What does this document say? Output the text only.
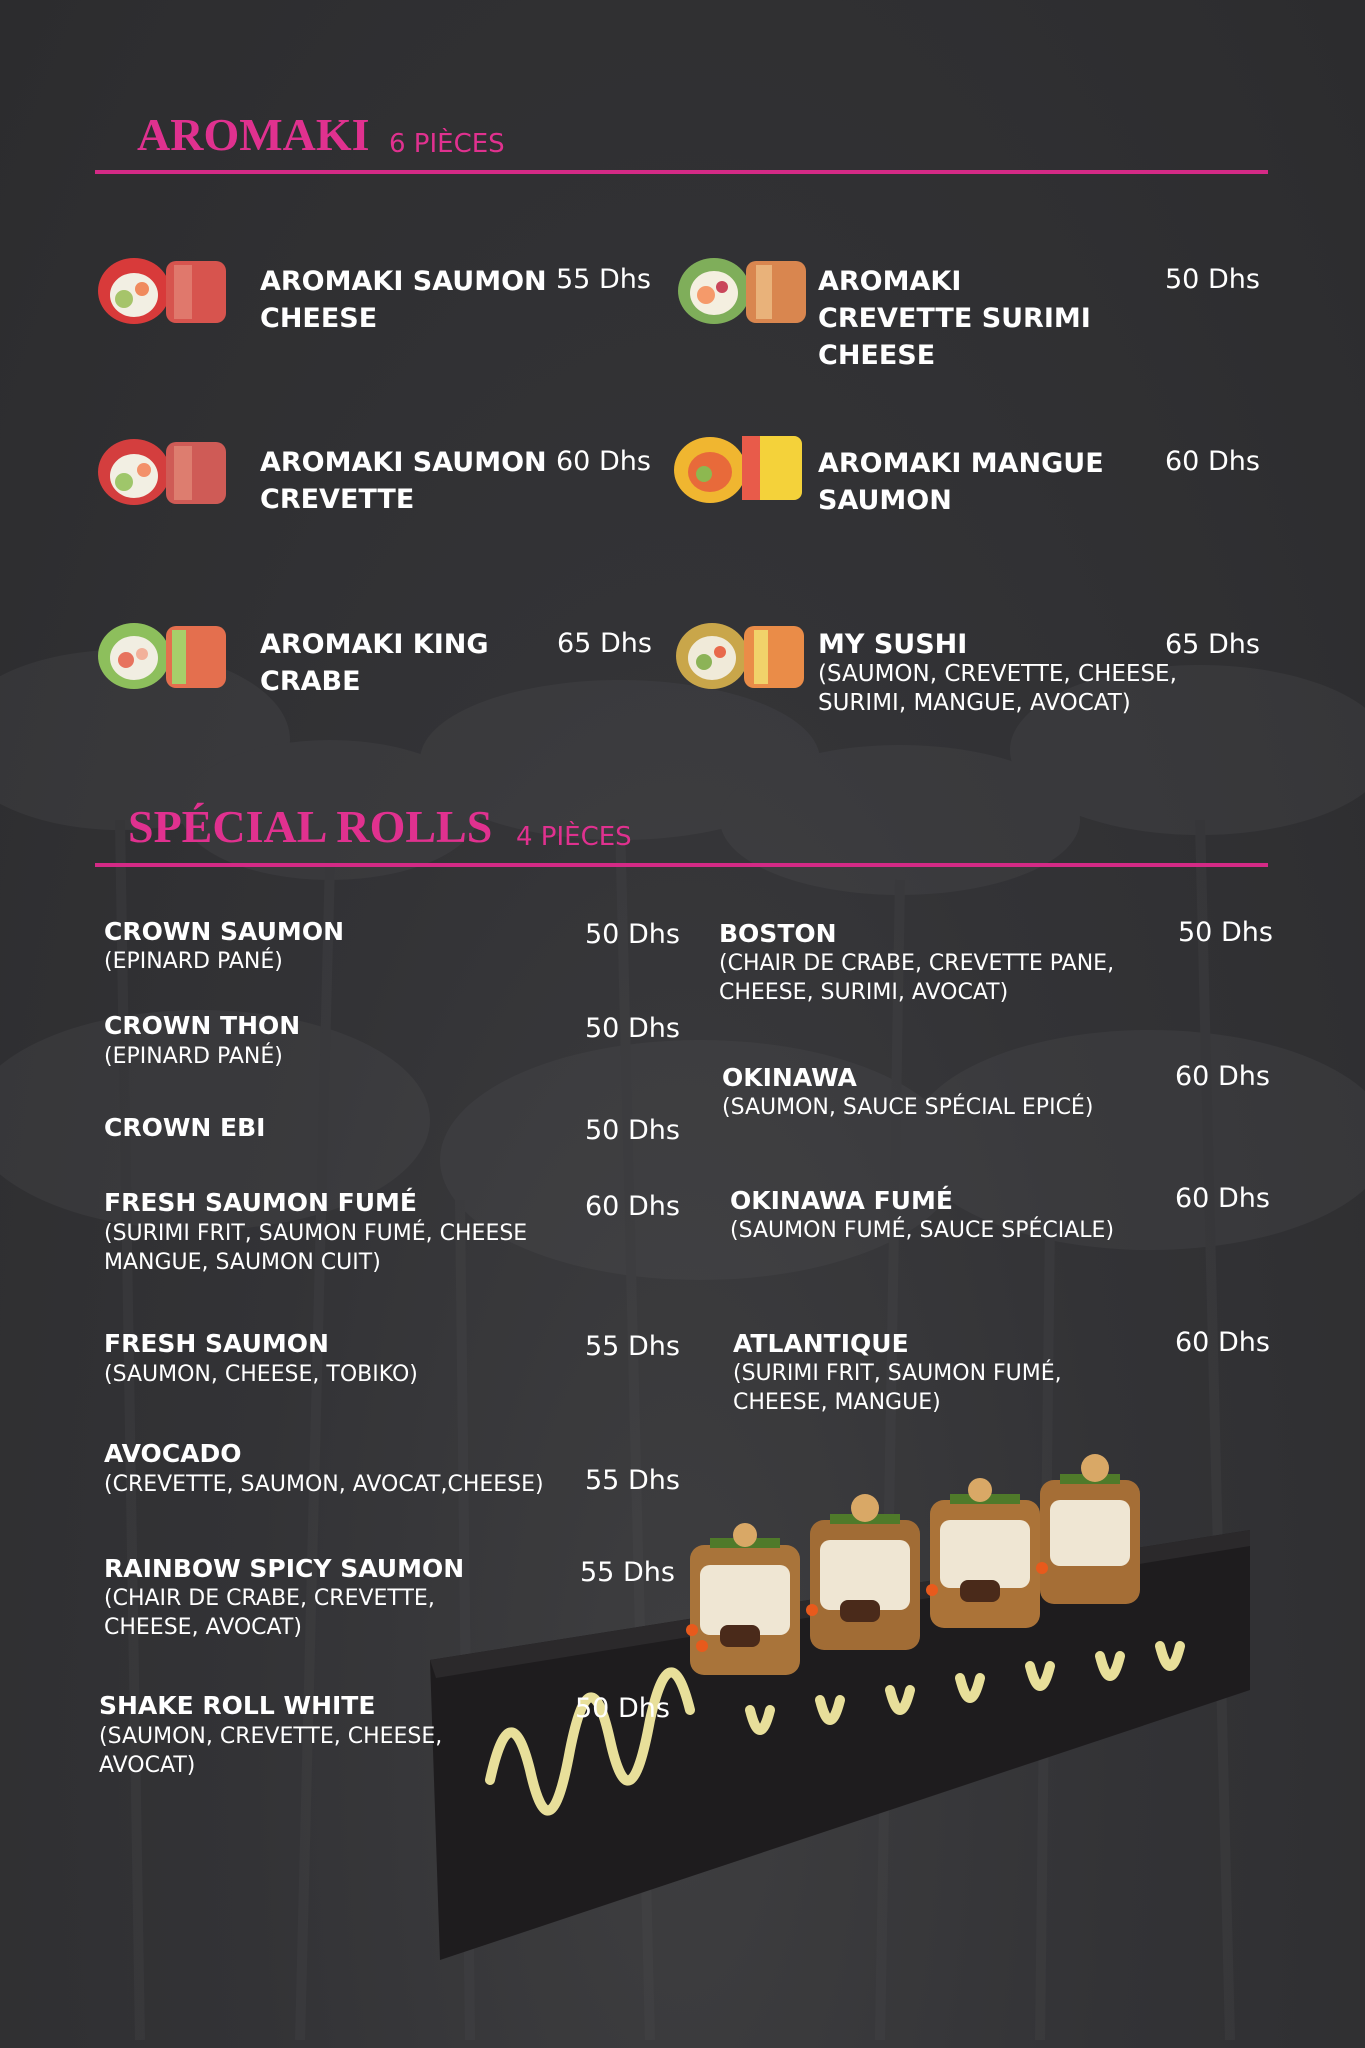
AROMAKI 6 PIÈCES
AROMAKI SAUMON CHEESE
55 Dhs	AROMAKI CREVETTE SURIMI CHEESE
50 Dhs
AROMAKI SAUMON CREVETTE
60 Dhs	AROMAKI MANGUE SAUMON
60 Dhs
AROMAKI KING CRABE
65 Dhs	MY SUSHI	65 Dhs
(SAUMON, CREVETTE, CHEESE, SURIMI, MANGUE, AVOCAT)
SPÉCIAL ROLLS 4 PIÈCES
CROWN SAUMON
(EPINARD PANÉ)
50 Dhs
CROWN THON
(EPINARD PANÉ)
50 Dhs
CROWN EBI	50 Dhs
FRESH SAUMON FUMÉ
(SURIMI FRIT, SAUMON FUMÉ, CHEESE MANGUE, SAUMON CUIT)
60 Dhs
FRESH SAUMON
(SAUMON, CHEESE, TOBIKO)
55 Dhs
AVOCADO
(CREVETTE, SAUMON, AVOCAT,CHEESE)	55 Dhs
RAINBOW SPICY SAUMON
(CHAIR DE CRABE, CREVETTE, CHEESE, AVOCAT)
55 Dhs
SHAKE ROLL WHITE
(SAUMON, CREVETTE, CHEESE, AVOCAT)
50 Dhs
BOSTON
(CHAIR DE CRABE, CREVETTE PANE, CHEESE, SURIMI, AVOCAT)
50 Dhs
OKINAWA
(SAUMON, SAUCE SPÉCIAL EPICÉ)
60 Dhs
OKINAWA FUMÉ
(SAUMON FUMÉ, SAUCE SPÉCIALE)
60 Dhs
ATLANTIQUE
(SURIMI FRIT, SAUMON FUMÉ, CHEESE, MANGUE)
60 Dhs
